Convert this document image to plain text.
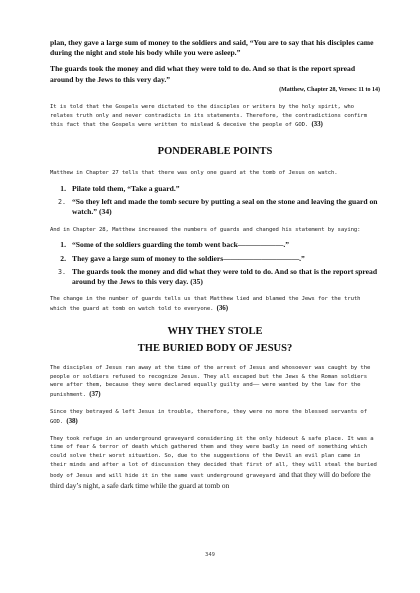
plan, they gave a large sum of money to the soldiers and said, “You are to say that his disciples came during the night and stole his body while you were asleep.”

The guards took the money and did what they were told to do. And so that is the report spread around by the Jews to this very day.”

(Matthew, Chapter 28, Verses: 11 to 14)

It is told that the Gospels were dictated to the disciples or writers by the holy spirit, who relates truth only and never contradicts in its statements. Therefore, the contradictions confirm this fact that the Gospels were written to mislead & deceive the people of GOD. (33)

PONDERABLE POINTS

Matthew in Chapter 27 tells that there was only one guard at the tomb of Jesus on watch.

1. Pilate told them, “Take a guard.”
2. “So they left and made the tomb secure by putting a seal on the stone and leaving the guard on watch.” (34)

And in Chapter 28, Matthew increased the numbers of guards and changed his statement by saying:

1. “Some of the soldiers guarding the tomb went back——————.”
2. They gave a large sum of money to the soldiers——————————.”
3. The guards took the money and did what they were told to do. And so that is the report spread around by the Jews to this very day. (35)

The change in the number of guards tells us that Matthew lied and blamed the Jews for the truth which the guard at tomb on watch told to everyone. (36)

WHY THEY STOLE
THE BURIED BODY OF JESUS?

The disciples of Jesus ran away at the time of the arrest of Jesus and whosoever was caught by the people or soldiers refused to recognize Jesus. They all escaped but the Jews & the Roman soldiers were after them, because they were declared equally guilty and—— were wanted by the law for the punishment. (37)

Since they betrayed & left Jesus in trouble, therefore, they were no more the blessed servants of GOD. (38)

They took refuge in an underground graveyard considering it the only hideout & safe place. It was a time of fear & terror of death which gathered them and they were badly in need of something which could solve their worst situation. So, due to the suggestions of the Devil an evil plan came in their minds and after a lot of discussion they decided that first of all, they will steal the buried body of Jesus and will hide it in the same vast underground graveyard and that they will do before the third day’s night, a safe dark time while the guard at tomb on

349
